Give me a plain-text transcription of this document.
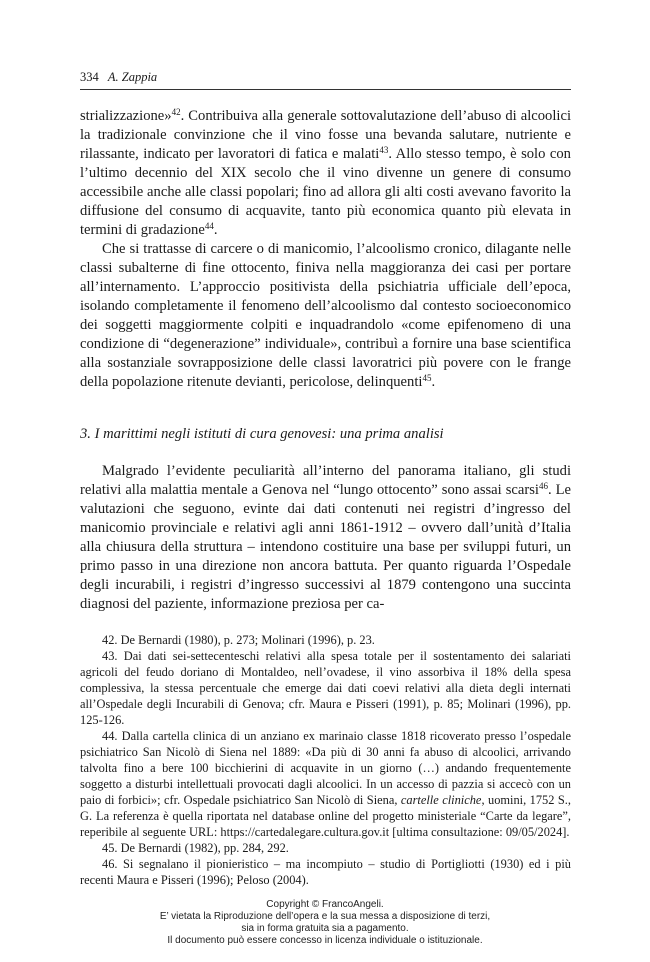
334 A. Zappia

strializzazione»$^{42}$. Contribuiva alla generale sottovalutazione dell’abuso di alcoolici la tradizionale convinzione che il vino fosse una bevanda salutare, nutriente e rilassante, indicato per lavoratori di fatica e malati$^{43}$. Allo stesso tempo, è solo con l’ultimo decennio del XIX secolo che il vino divenne un genere di consumo accessibile anche alle classi popolari; fino ad allora gli alti costi avevano favorito la diffusione del consumo di acquavite, tanto più economica quanto più elevata in termini di gradazione$^{44}$.

Che si trattasse di carcere o di manicomio, l’alcoolismo cronico, dilagante nelle classi subalterne di fine ottocento, finiva nella maggioranza dei casi per portare all’internamento. L’approccio positivista della psichiatria ufficiale dell’epoca, isolando completamente il fenomeno dell’alcoolismo dal contesto socioeconomico dei soggetti maggiormente colpiti e inquadrandolo «come epifenomeno di una condizione di “degenerazione” individuale», contribuì a fornire una base scientifica alla sostanziale sovrapposizione delle classi lavoratrici più povere con le frange della popolazione ritenute devianti, pericolose, delinquenti$^{45}$.

3. I marittimi negli istituti di cura genovesi: una prima analisi

Malgrado l’evidente peculiarità all’interno del panorama italiano, gli studi relativi alla malattia mentale a Genova nel “lungo ottocento” sono assai scarsi$^{46}$. Le valutazioni che seguono, evinte dai dati contenuti nei registri d’ingresso del manicomio provinciale e relativi agli anni 1861-1912 – ovvero dall’unità d’Italia alla chiusura della struttura – intendono costituire una base per sviluppi futuri, un primo passo in una direzione non ancora battuta. Per quanto riguarda l’Ospedale degli incurabili, i registri d’ingresso successivi al 1879 contengono una succinta diagnosi del paziente, informazione preziosa per ca-

42. De Bernardi (1980), p. 273; Molinari (1996), p. 23.

43. Dai dati sei-settecenteschi relativi alla spesa totale per il sostentamento dei salariati agricoli del feudo doriano di Montaldeo, nell’ovadese, il vino assorbiva il 18% della spesa complessiva, la stessa percentuale che emerge dai dati coevi relativi alla dieta degli internati all’Ospedale degli Incurabili di Genova; cfr. Maura e Pisseri (1991), p. 85; Molinari (1996), pp. 125-126.

44. Dalla cartella clinica di un anziano ex marinaio classe 1818 ricoverato presso l’ospedale psichiatrico San Nicolò di Siena nel 1889: «Da più di 30 anni fa abuso di alcoolici, arrivando talvolta fino a bere 100 bicchierini di acquavite in un giorno (…) andando frequentemente soggetto a disturbi intellettuali provocati dagli alcoolici. In un accesso di pazzia si accecò con un paio di forbici»; cfr. Ospedale psichiatrico San Nicolò di Siena, cartelle cliniche, uomini, 1752 S., G. La referenza è quella riportata nel database online del progetto ministeriale “Carte da legare”, reperibile al seguente URL: https://cartedalegare.cultura.gov.it [ultima consultazione: 09/05/2024].

45. De Bernardi (1982), pp. 284, 292.

46. Si segnalano il pionieristico – ma incompiuto – studio di Portigliotti (1930) ed i più recenti Maura e Pisseri (1996); Peloso (2004).

Copyright © FrancoAngeli.
E’ vietata la Riproduzione dell’opera e la sua messa a disposizione di terzi,
sia in forma gratuita sia a pagamento.
Il documento può essere concesso in licenza individuale o istituzionale.
